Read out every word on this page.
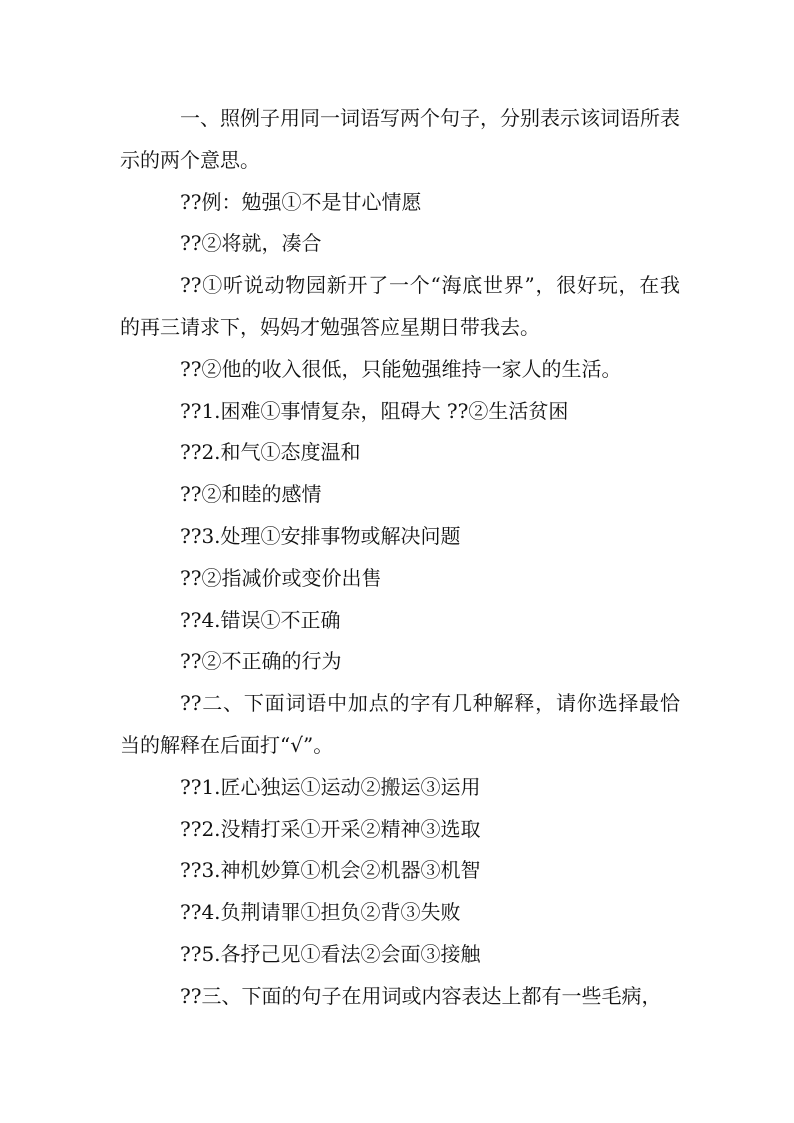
一、照例子用同一词语写两个句子，分别表示该词语所表示的两个意思。

??例：勉强①不是甘心情愿

??②将就，凑合

??①听说动物园新开了一个“海底世界”，很好玩，在我的再三请求下，妈妈才勉强答应星期日带我去。

??②他的收入很低，只能勉强维持一家人的生活。

??1.困难①事情复杂，阻碍大 ??②生活贫困

??2.和气①态度温和

??②和睦的感情

??3.处理①安排事物或解决问题

??②指减价或变价出售

??4.错误①不正确

??②不正确的行为

??二、下面词语中加点的字有几种解释，请你选择最恰当的解释在后面打“√”。

??1.匠心独运①运动②搬运③运用

??2.没精打采①开采②精神③选取

??3.神机妙算①机会②机器③机智

??4.负荆请罪①担负②背③失败

??5.各抒己见①看法②会面③接触

??三、下面的句子在用词或内容表达上都有一些毛病，
